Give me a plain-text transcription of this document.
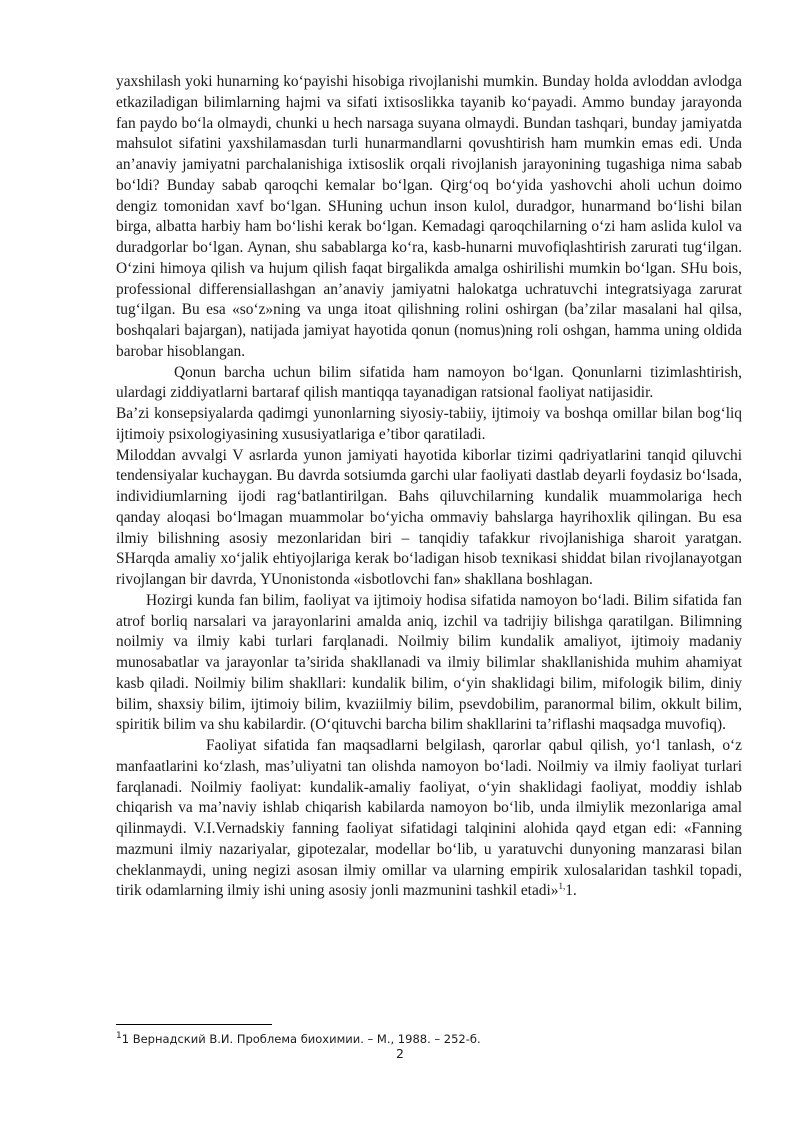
yaxshilash yoki hunarning koʻpayishi hisobiga rivojlanishi mumkin. Bunday holda avloddan avlodga etkaziladigan bilimlarning hajmi va sifati ixtisoslikka tayanib koʻpayadi. Ammo bunday jarayonda fan paydo boʻla olmaydi, chunki u hech narsaga suyana olmaydi. Bundan tashqari, bunday jamiyatda mahsulot sifatini yaxshilamasdan turli hunarmandlarni qovushtirish ham mumkin emas edi. Unda an’anaviy jamiyatni parchalanishiga ixtisoslik orqali rivojlanish jarayonining tugashiga nima sabab boʻldi? Bunday sabab qaroqchi kemalar boʻlgan. Qirgʻoq boʻyida yashovchi aholi uchun doimo dengiz tomonidan xavf boʻlgan. SHuning uchun inson kulol, duradgor, hunarmand boʻlishi bilan birga, albatta harbiy ham boʻlishi kerak boʻlgan. Kemadagi qaroqchilarning oʻzi ham aslida kulol va duradgorlar boʻlgan. Aynan, shu sabablarga koʻra, kasb-hunarni muvofiqlashtirish zarurati tugʻilgan. Oʻzini himoya qilish va hujum qilish faqat birgalikda amalga oshirilishi mumkin boʻlgan. SHu bois, professional differensiallashgan an’anaviy jamiyatni halokatga uchratuvchi integratsiyaga zarurat tugʻilgan. Bu esa «soʻz»ning va unga itoat qilishning rolini oshirgan (ba’zilar masalani hal qilsa, boshqalari bajargan), natijada jamiyat hayotida qonun (nomus)ning roli oshgan, hamma uning oldida barobar hisoblangan.

Qonun barcha uchun bilim sifatida ham namoyon boʻlgan. Qonunlarni tizimlashtirish, ulardagi ziddiyatlarni bartaraf qilish mantiqqa tayanadigan ratsional faoliyat natijasidir.

Ba’zi konsepsiyalarda qadimgi yunonlarning siyosiy-tabiiy, ijtimoiy va boshqa omillar bilan bogʻliq ijtimoiy psixologiyasining xususiyatlariga e’tibor qaratiladi.

Miloddan avvalgi V asrlarda yunon jamiyati hayotida kiborlar tizimi qadriyatlarini tanqid qiluvchi tendensiyalar kuchaygan. Bu davrda sotsiumda garchi ular faoliyati dastlab deyarli foydasiz boʻlsada, individiumlarning ijodi ragʻbatlantirilgan. Bahs qiluvchilarning kundalik muammolariga hech qanday aloqasi boʻlmagan muammolar boʻyicha ommaviy bahslarga hayrihoxlik qilingan. Bu esa ilmiy bilishning asosiy mezonlaridan biri – tanqidiy tafakkur rivojlanishiga sharoit yaratgan. SHarqda amaliy xoʻjalik ehtiyojlariga kerak boʻladigan hisob texnikasi shiddat bilan rivojlanayotgan rivojlangan bir davrda, YUnonistonda «isbotlovchi fan» shakllana boshlagan.

Hozirgi kunda fan bilim, faoliyat va ijtimoiy hodisa sifatida namoyon boʻladi. Bilim sifatida fan atrof borliq narsalari va jarayonlarini amalda aniq, izchil va tadrijiy bilishga qaratilgan. Bilimning noilmiy va ilmiy kabi turlari farqlanadi. Noilmiy bilim kundalik amaliyot, ijtimoiy madaniy munosabatlar va jarayonlar ta’sirida shakllanadi va ilmiy bilimlar shakllanishida muhim ahamiyat kasb qiladi. Noilmiy bilim shakllari: kundalik bilim, oʻyin shaklidagi bilim, mifologik bilim, diniy bilim, shaxsiy bilim, ijtimoiy bilim, kvaziilmiy bilim, psevdobilim, paranormal bilim, okkult bilim, spiritik bilim va shu kabilardir. (Oʻqituvchi barcha bilim shakllarini ta’riflashi maqsadga muvofiq).

Faoliyat sifatida fan maqsadlarni belgilash, qarorlar qabul qilish, yoʻl tanlash, oʻz manfaatlarini koʻzlash, mas’uliyatni tan olishda namoyon boʻladi. Noilmiy va ilmiy faoliyat turlari farqlanadi. Noilmiy faoliyat: kundalik-amaliy faoliyat, oʻyin shaklidagi faoliyat, moddiy ishlab chiqarish va ma’naviy ishlab chiqarish kabilarda namoyon boʻlib, unda ilmiylik mezonlariga amal qilinmaydi. V.I.Vernadskiy fanning faoliyat sifatidagi talqinini alohida qayd etgan edi: «Fanning mazmuni ilmiy nazariyalar, gipotezalar, modellar boʻlib, u yaratuvchi dunyoning manzarasi bilan cheklanmaydi, uning negizi asosan ilmiy omillar va ularning empirik xulosalaridan tashkil topadi, tirik odamlarning ilmiy ishi uning asosiy jonli mazmunini tashkil etadi»$^{1,}$1.

$^1$1 Вернадский В.И. Проблема биохимии. – М., 1988. – 252-б.
2
